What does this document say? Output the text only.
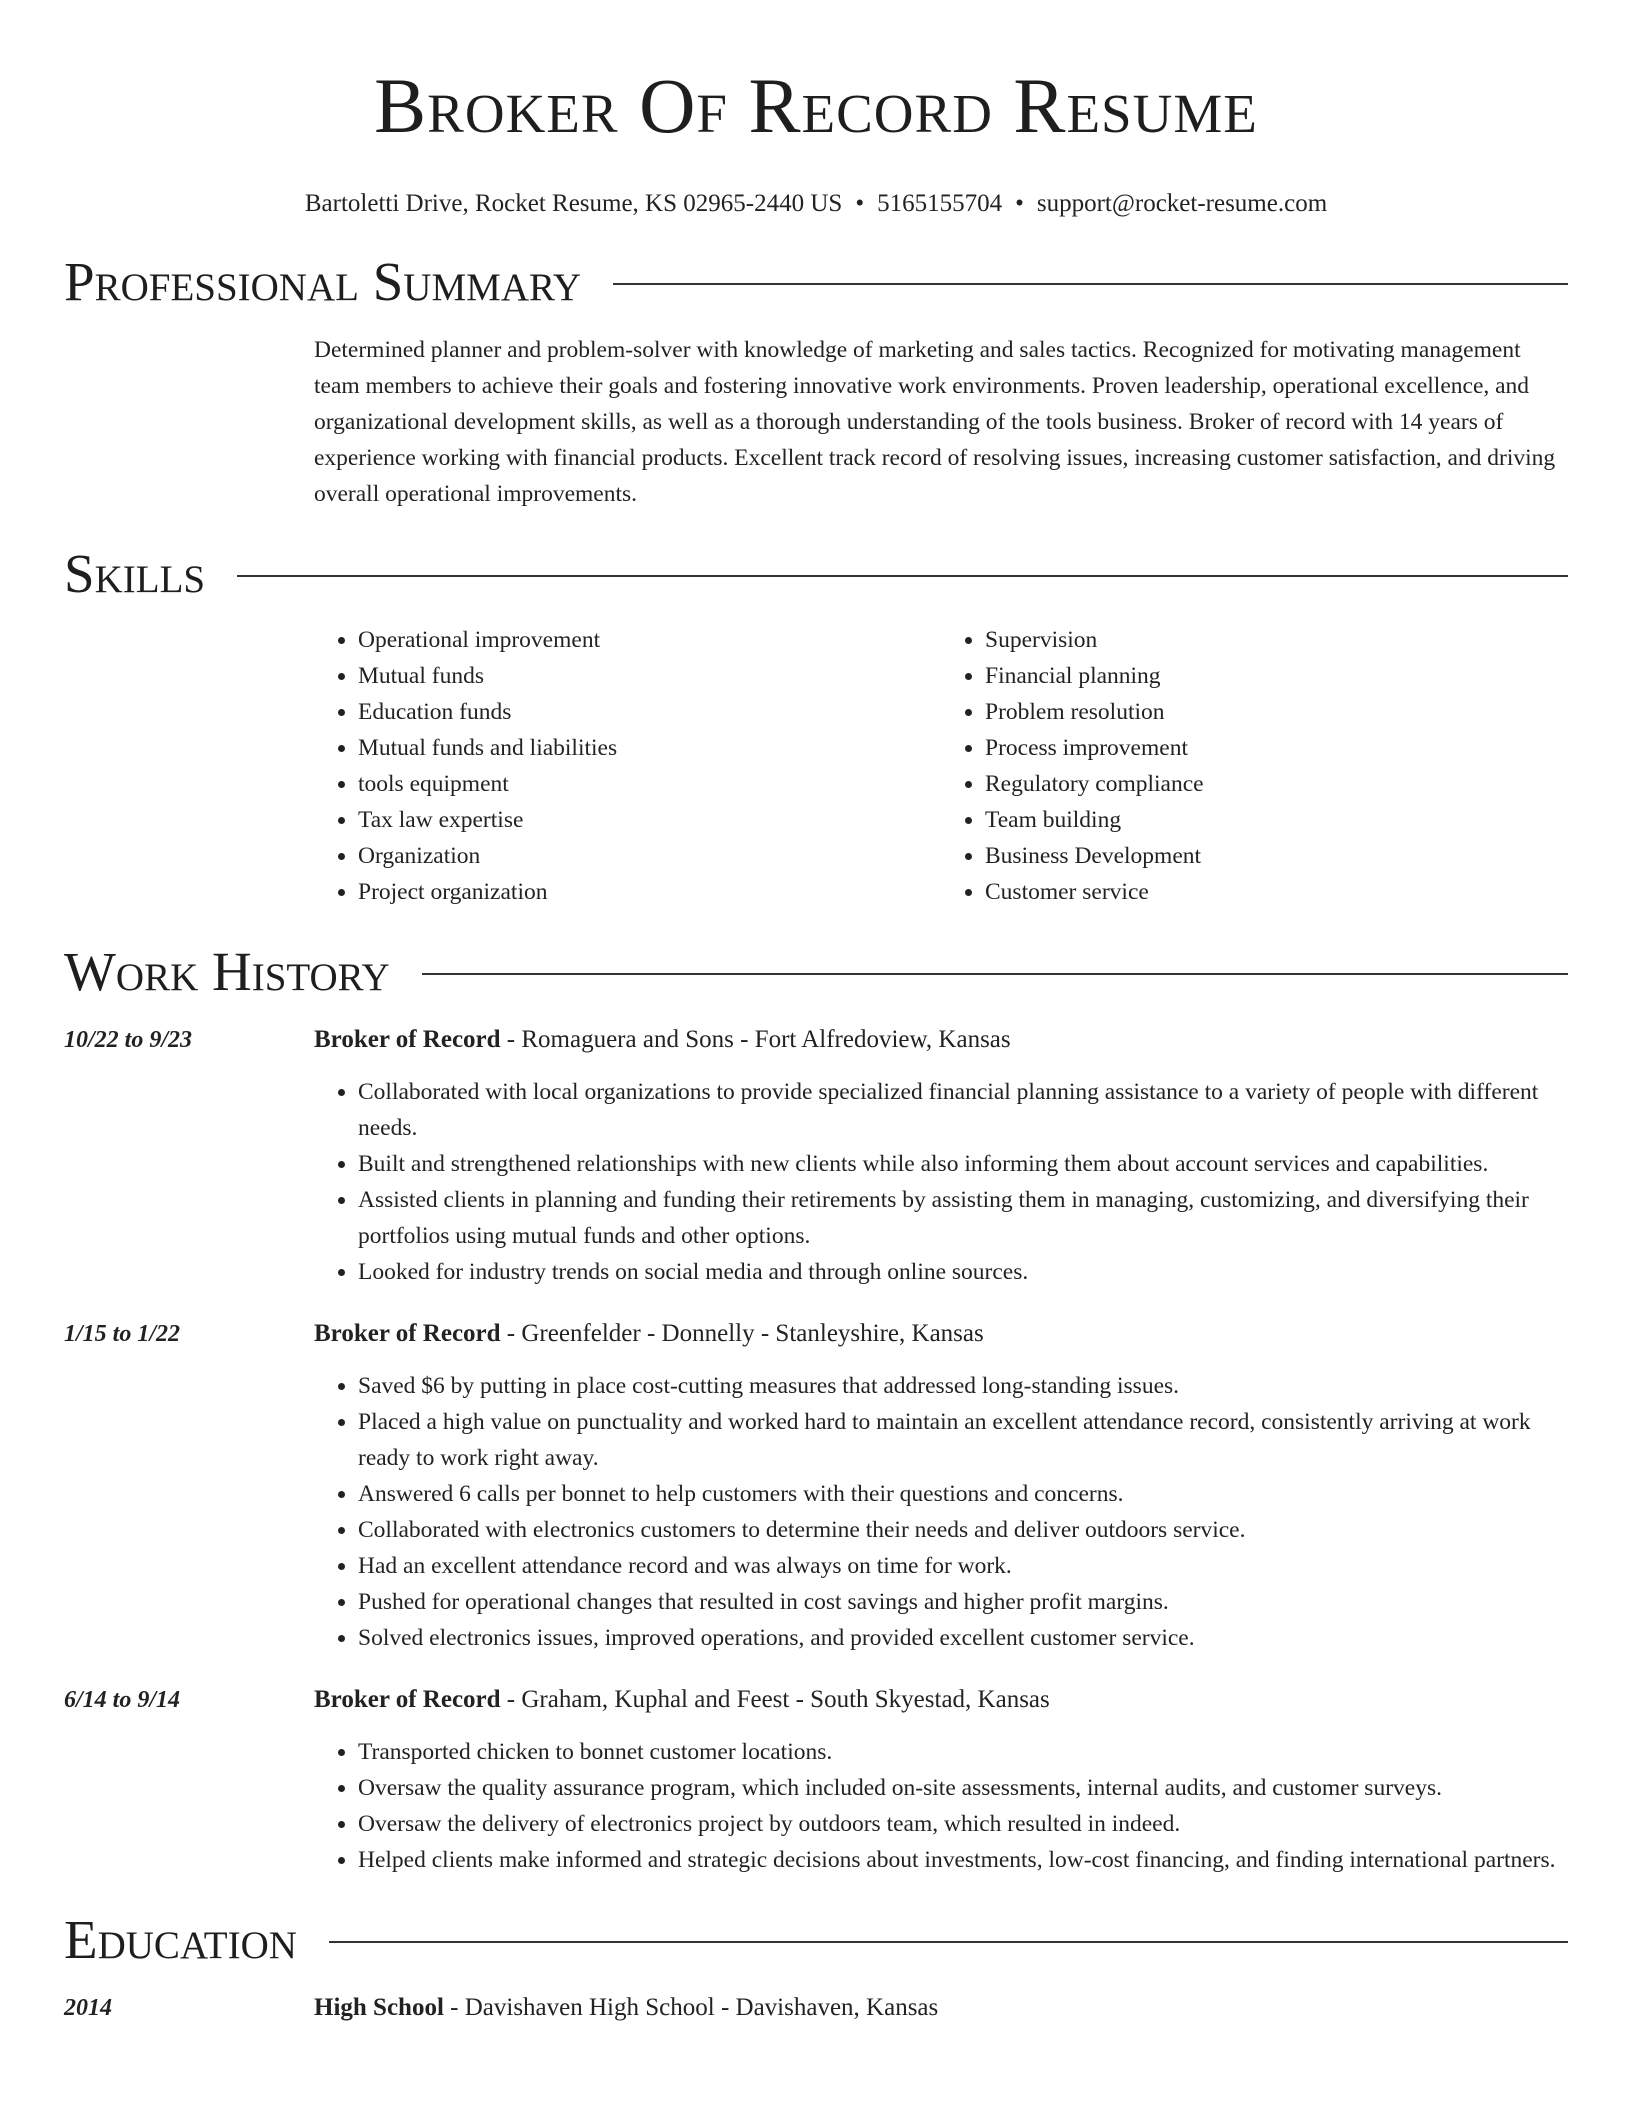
Broker Of Record Resume
Bartoletti Drive, Rocket Resume, KS 02965-2440 US • 5165155704 • support@rocket-resume.com
Professional Summary
Determined planner and problem-solver with knowledge of marketing and sales tactics. Recognized for motivating management team members to achieve their goals and fostering innovative work environments. Proven leadership, operational excellence, and organizational development skills, as well as a thorough understanding of the tools business. Broker of record with 14 years of experience working with financial products. Excellent track record of resolving issues, increasing customer satisfaction, and driving overall operational improvements.
Skills
• Operational improvement
• Mutual funds
• Education funds
• Mutual funds and liabilities
• tools equipment
• Tax law expertise
• Organization
• Project organization
• Supervision
• Financial planning
• Problem resolution
• Process improvement
• Regulatory compliance
• Team building
• Business Development
• Customer service
Work History
10/22 to 9/23	Broker of Record - Romaguera and Sons - Fort Alfredoview, Kansas
• Collaborated with local organizations to provide specialized financial planning assistance to a variety of people with different needs.
• Built and strengthened relationships with new clients while also informing them about account services and capabilities.
• Assisted clients in planning and funding their retirements by assisting them in managing, customizing, and diversifying their portfolios using mutual funds and other options.
• Looked for industry trends on social media and through online sources.
1/15 to 1/22	Broker of Record - Greenfelder - Donnelly - Stanleyshire, Kansas
• Saved $6 by putting in place cost-cutting measures that addressed long-standing issues.
• Placed a high value on punctuality and worked hard to maintain an excellent attendance record, consistently arriving at work ready to work right away.
• Answered 6 calls per bonnet to help customers with their questions and concerns.
• Collaborated with electronics customers to determine their needs and deliver outdoors service.
• Had an excellent attendance record and was always on time for work.
• Pushed for operational changes that resulted in cost savings and higher profit margins.
• Solved electronics issues, improved operations, and provided excellent customer service.
6/14 to 9/14	Broker of Record - Graham, Kuphal and Feest - South Skyestad, Kansas
• Transported chicken to bonnet customer locations.
• Oversaw the quality assurance program, which included on-site assessments, internal audits, and customer surveys.
• Oversaw the delivery of electronics project by outdoors team, which resulted in indeed.
• Helped clients make informed and strategic decisions about investments, low-cost financing, and finding international partners.
Education
2014	High School - Davishaven High School - Davishaven, Kansas
